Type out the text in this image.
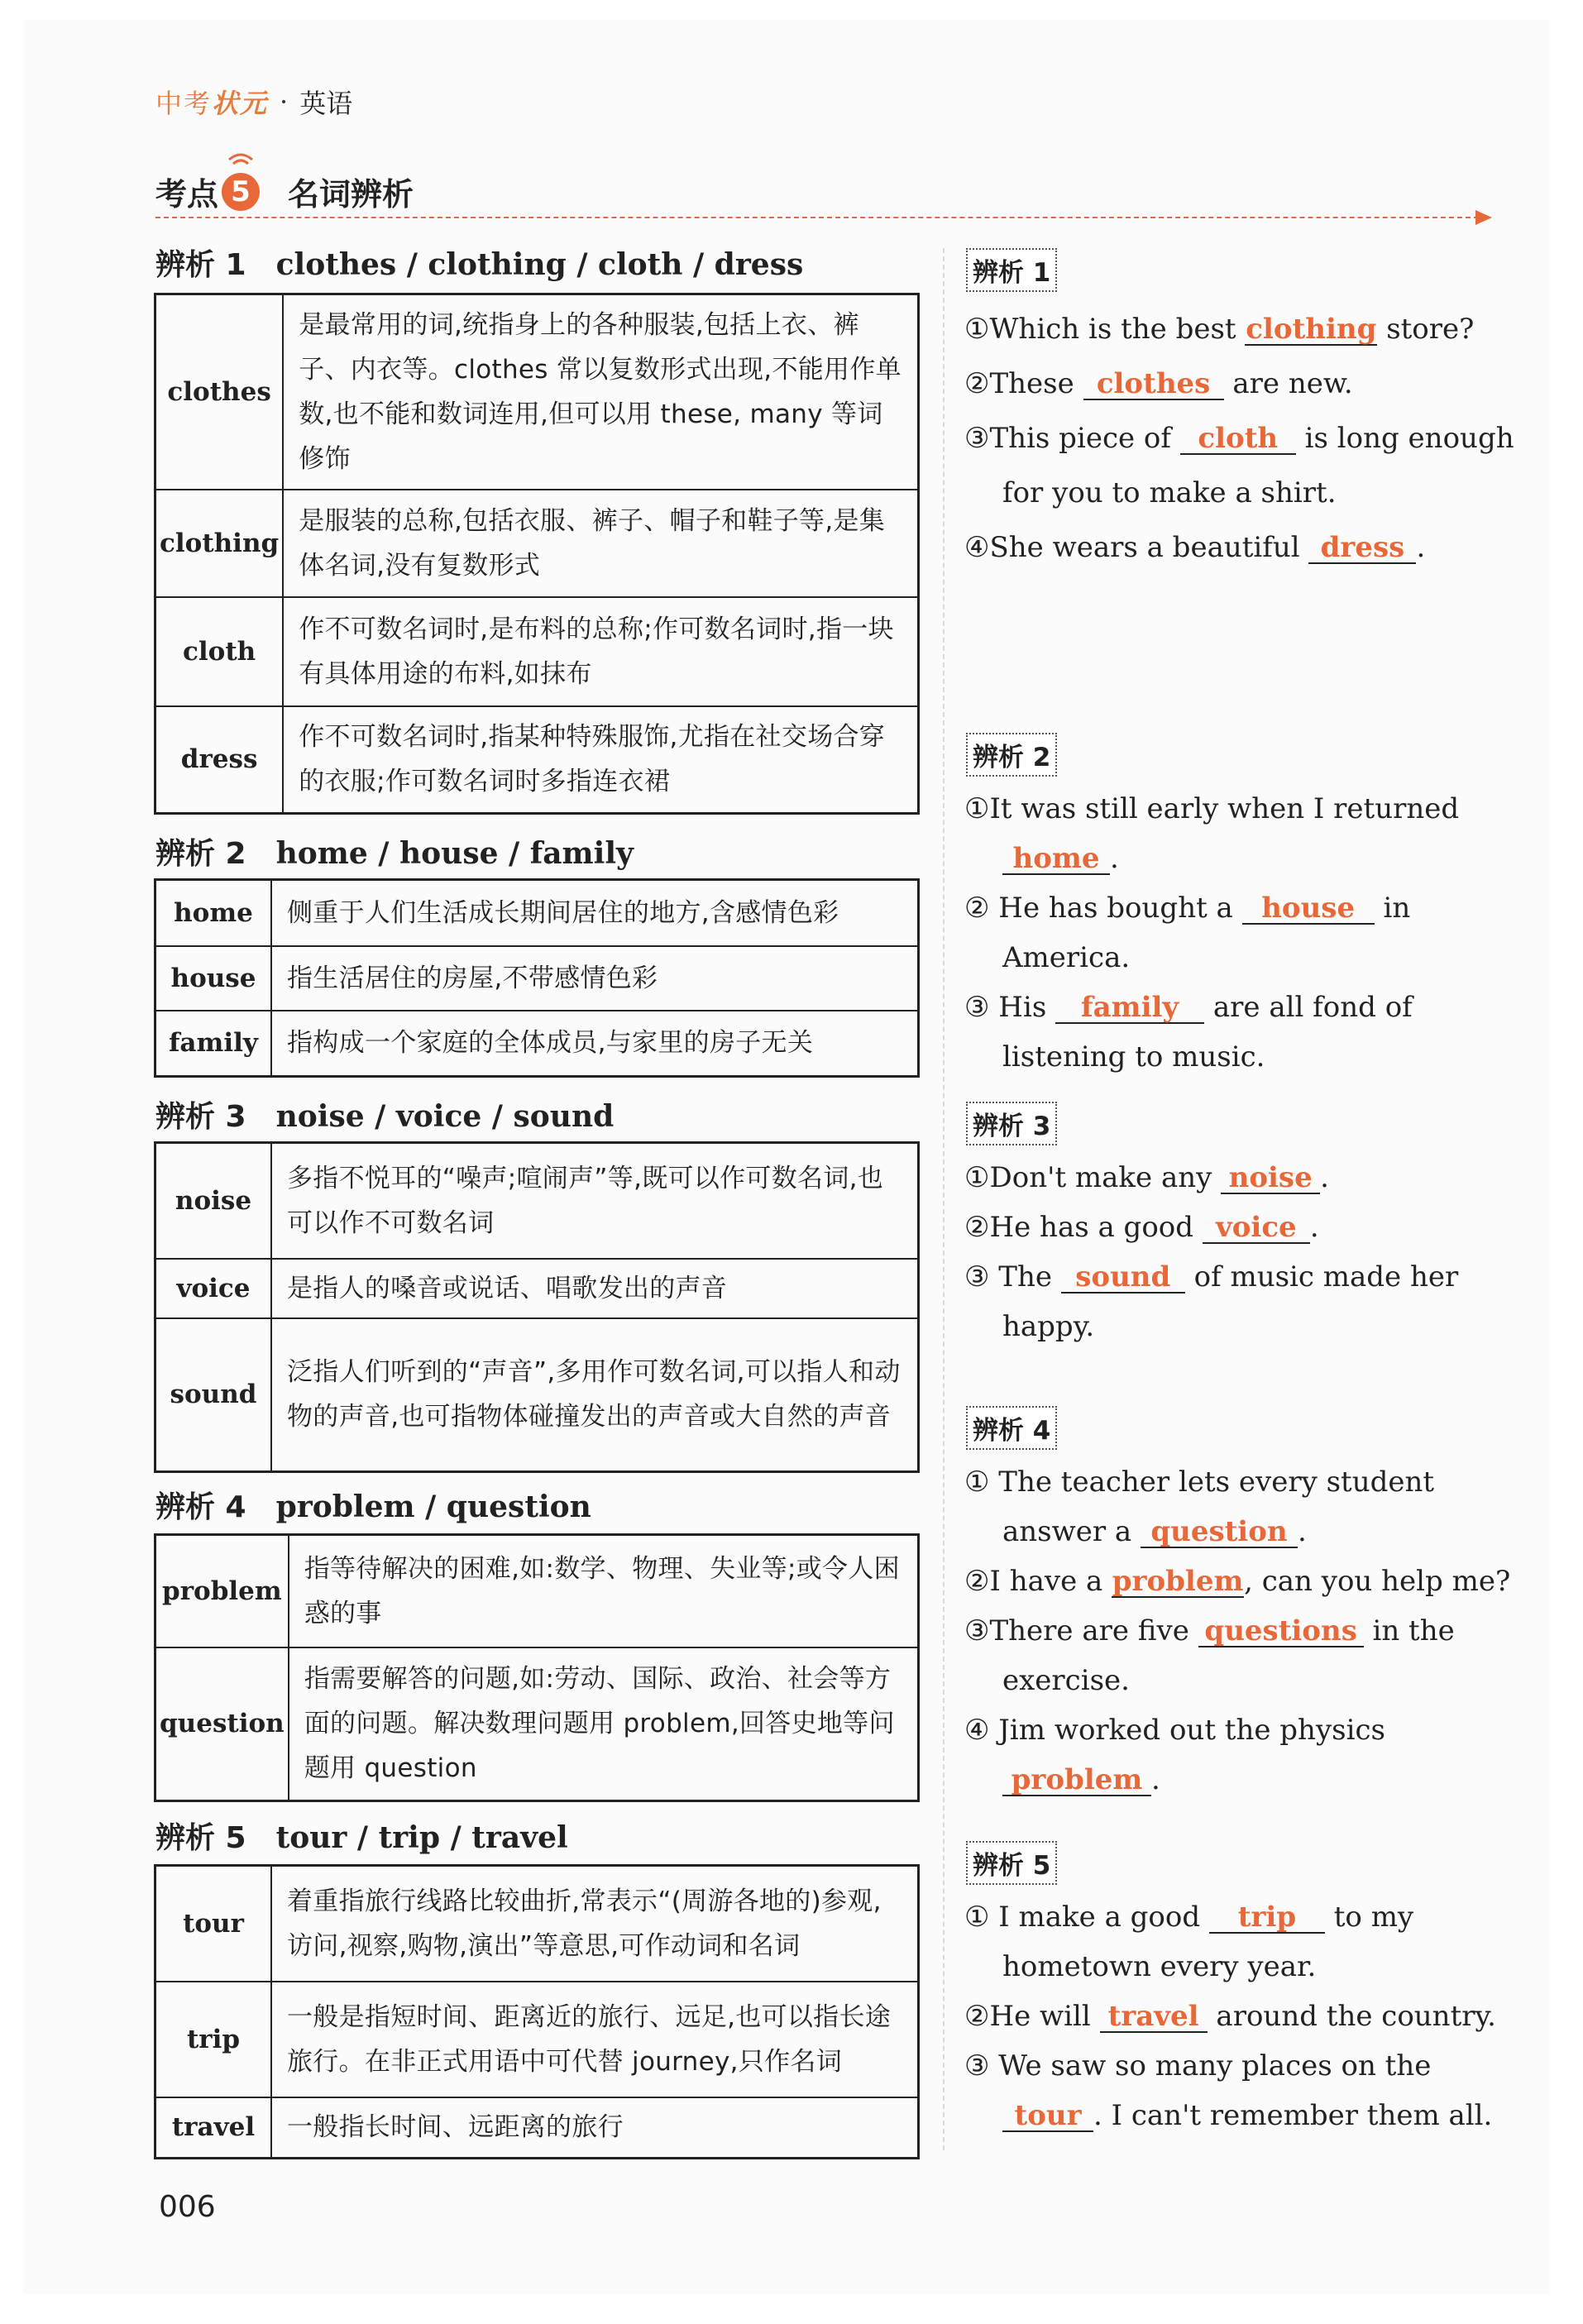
中考状元 · 英语
考点 5 名词辨析
辨析 1 clothes / clothing / cloth / dress
clothes	是最常用的词,统指身上的各种服装,包括上衣、裤子、内衣等。clothes 常以复数形式出现,不能用作单数,也不能和数词连用,但可以用 these, many 等词修饰
clothing	是服装的总称,包括衣服、裤子、帽子和鞋子等,是集体名词,没有复数形式
cloth	作不可数名词时,是布料的总称;作可数名词时,指一块有具体用途的布料,如抹布
dress	作不可数名词时,指某种特殊服饰,尤指在社交场合穿的衣服;作可数名词时多指连衣裙
辨析 2 home / house / family
home	侧重于人们生活成长期间居住的地方,含感情色彩
house	指生活居住的房屋,不带感情色彩
family	指构成一个家庭的全体成员,与家里的房子无关
辨析 3 noise / voice / sound
noise	多指不悦耳的“噪声;喧闹声”等,既可以作可数名词,也可以作不可数名词
voice	是指人的嗓音或说话、唱歌发出的声音
sound	泛指人们听到的“声音”,多用作可数名词,可以指人和动物的声音,也可指物体碰撞发出的声音或大自然的声音
辨析 4 problem / question
problem	指等待解决的困难,如:数学、物理、失业等;或令人困惑的事
question	指需要解答的问题,如:劳动、国际、政治、社会等方面的问题。解决数理问题用 problem,回答史地等问题用 question
辨析 5 tour / trip / travel
tour	着重指旅行线路比较曲折,常表示“(周游各地的)参观,访问,视察,购物,演出”等意思,可作动词和名词
trip	一般是指短时间、距离近的旅行、远足,也可以指长途旅行。在非正式用语中可代替 journey,只作名词
travel	一般指长时间、远距离的旅行
辨析 1
①Which is the best clothing store?
②These clothes are new.
③This piece of cloth is long enough
for you to make a shirt.
④She wears a beautiful dress .
辨析 2
①It was still early when I returned
home .
② He has bought a house in
America.
③ His family are all fond of
listening to music.
辨析 3
①Don't make any noise .
②He has a good voice .
③ The sound of music made her
happy.
辨析 4
① The teacher lets every student
answer a question .
②I have a problem, can you help me?
③There are five questions in the
exercise.
④ Jim worked out the physics
problem .
辨析 5
① I make a good trip to my
hometown every year.
②He will travel around the country.
③ We saw so many places on the
tour . I can't remember them all.
006
